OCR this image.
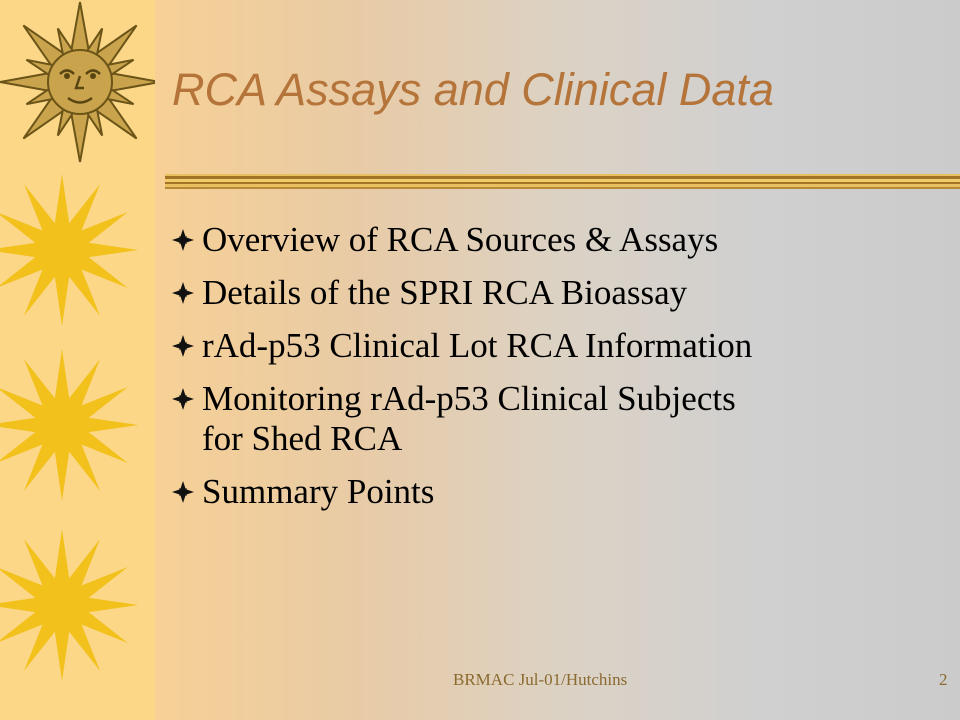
RCA Assays and Clinical Data
Overview of RCA Sources & Assays
Details of the SPRI RCA Bioassay
rAd-p53 Clinical Lot RCA Information
Monitoring rAd-p53 Clinical Subjects
for Shed RCA
Summary Points
BRMAC Jul-01/Hutchins	2
